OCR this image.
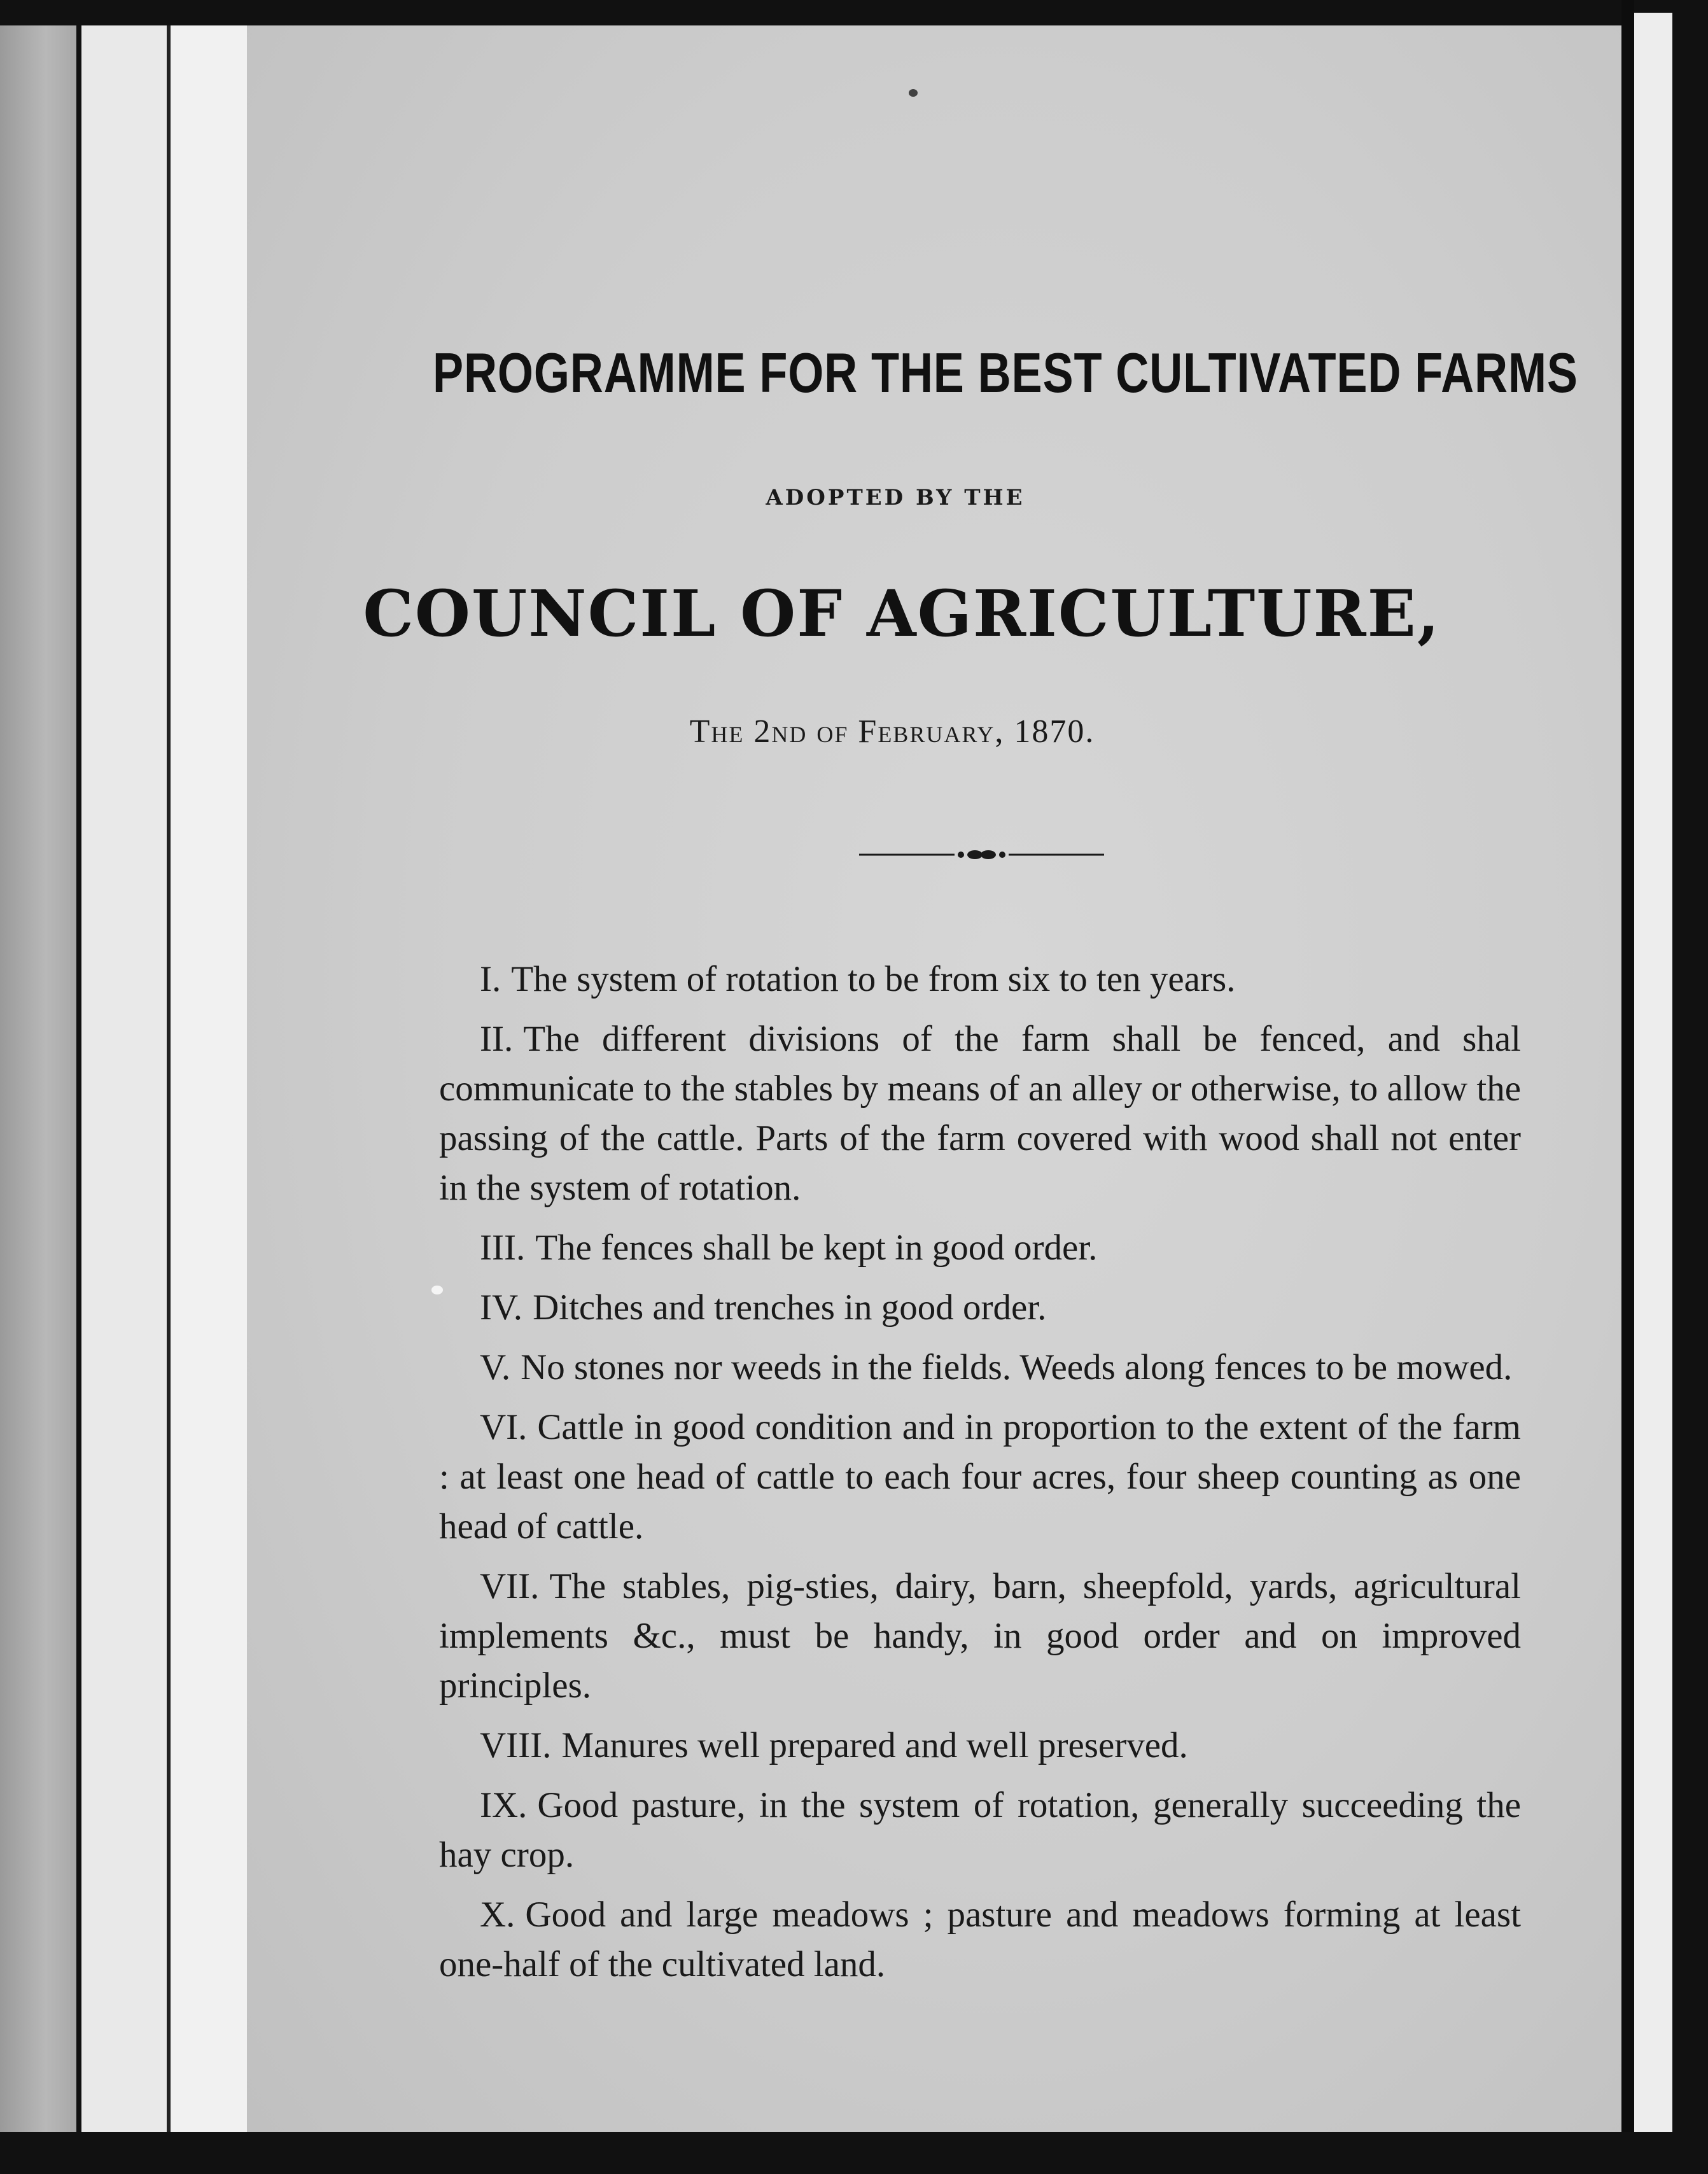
PROGRAMME FOR THE BEST CULTIVATED FARMS
ADOPTED BY THE
COUNCIL OF AGRICULTURE,
The 2nd of February, 1870.

I. The system of rotation to be from six to ten years.

II. The different divisions of the farm shall be fenced, and shal communicate to the stables by means of an alley or otherwise, to allow the passing of the cattle. Parts of the farm covered with wood shall not enter in the system of rotation.

III. The fences shall be kept in good order.

IV. Ditches and trenches in good order.

V. No stones nor weeds in the fields. Weeds along fences to be mowed.

VI. Cattle in good condition and in proportion to the extent of the farm : at least one head of cattle to each four acres, four sheep counting as one head of cattle.

VII. The stables, pig-sties, dairy, barn, sheepfold, yards, agricultural implements &c., must be handy, in good order and on improved principles.

VIII. Manures well prepared and well preserved.

IX. Good pasture, in the system of rotation, generally succeeding the hay crop.

X. Good and large meadows ; pasture and meadows forming at least one-half of the cultivated land.
